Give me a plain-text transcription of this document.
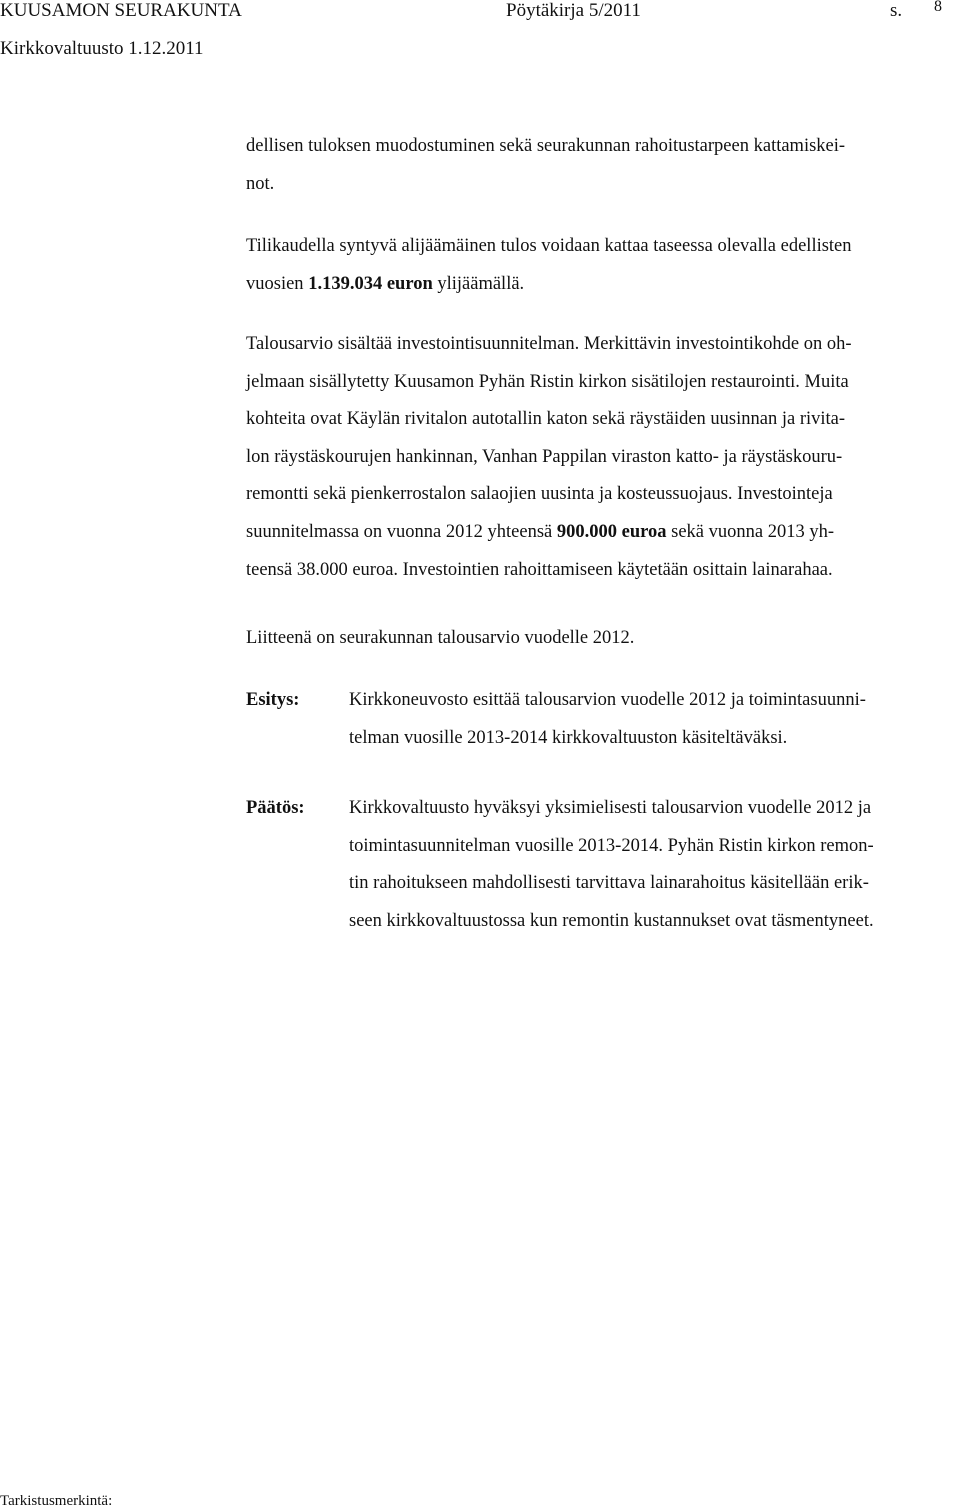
KUUSAMON SEURAKUNTA	Pöytäkirja 5/2011	s. 8
Kirkkovaltuusto 1.12.2011
dellisen tuloksen muodostuminen sekä seurakunnan rahoitustarpeen kattamiskei-
not.
Tilikaudella syntyvä alijäämäinen tulos voidaan kattaa taseessa olevalla edellisten
vuosien 1.139.034 euron ylijäämällä.
Talousarvio sisältää investointisuunnitelman. Merkittävin investointikohde on oh-
jelmaan sisällytetty Kuusamon Pyhän Ristin kirkon sisätilojen restaurointi. Muita
kohteita ovat Käylän rivitalon autotallin katon sekä räystäiden uusinnan ja rivita-
lon räystäskourujen hankinnan, Vanhan Pappilan viraston katto- ja räystäskouru-
remontti sekä pienkerrostalon salaojien uusinta ja kosteussuojaus. Investointeja
suunnitelmassa on vuonna 2012 yhteensä 900.000 euroa sekä vuonna 2013 yh-
teensä 38.000 euroa. Investointien rahoittamiseen käytetään osittain lainarahaa.
Liitteenä on seurakunnan talousarvio vuodelle 2012.
Esitys:	Kirkkoneuvosto esittää talousarvion vuodelle 2012 ja toimintasuunni-
telman vuosille 2013-2014 kirkkovaltuuston käsiteltäväksi.
Päätös: Kirkkovaltuusto hyväksyi yksimielisesti talousarvion vuodelle 2012 ja
toimintasuunnitelman vuosille 2013-2014. Pyhän Ristin kirkon remon-
tin rahoitukseen mahdollisesti tarvittava lainarahoitus käsitellään erik-
seen kirkkovaltuustossa kun remontin kustannukset ovat täsmentyneet.
Tarkistusmerkintä:
